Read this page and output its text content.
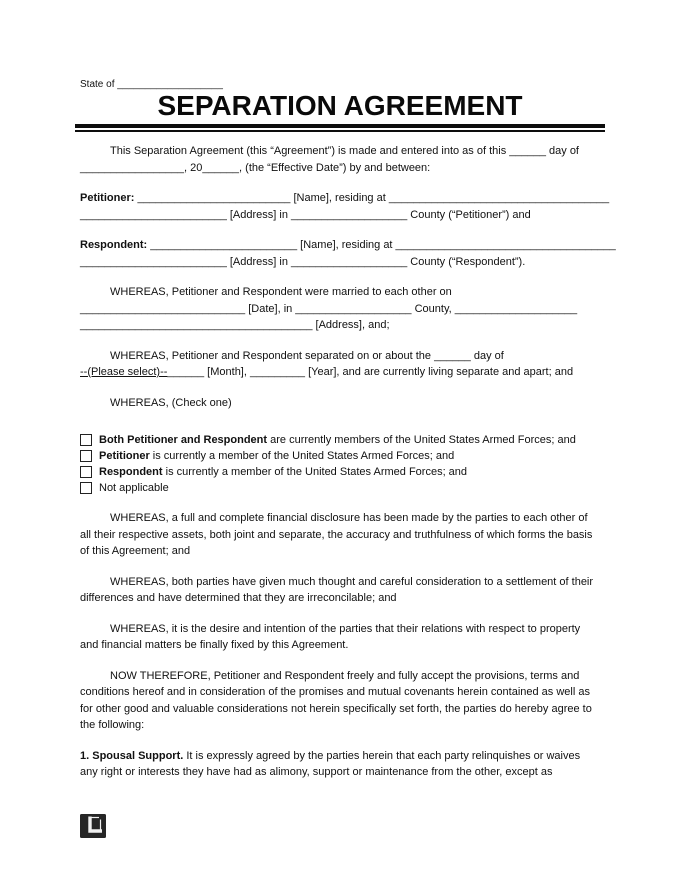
State of ___________________
SEPARATION AGREEMENT
This Separation Agreement (this “Agreement”) is made and entered into as of this ______ day of
_________________, 20______, (the “Effective Date”) by and between:
Petitioner: _________________________ [Name], residing at ____________________________________
________________________ [Address] in ___________________ County (“Petitioner”) and
Respondent: ________________________ [Name], residing at ____________________________________
________________________ [Address] in ___________________ County (“Respondent”).
WHEREAS, Petitioner and Respondent were married to each other on
___________________________ [Date], in ___________________ County, ____________________
______________________________________ [Address], and;
WHEREAS, Petitioner and Respondent separated on or about the ______ day of
--(Please select)--______ [Month], _________ [Year], and are currently living separate and apart; and
WHEREAS, (Check one)
Both Petitioner and Respondent are currently members of the United States Armed Forces; and
Petitioner is currently a member of the United States Armed Forces; and
Respondent is currently a member of the United States Armed Forces; and
Not applicable
WHEREAS, a full and complete financial disclosure has been made by the parties to each other of
all their respective assets, both joint and separate, the accuracy and truthfulness of which forms the basis
of this Agreement; and
WHEREAS, both parties have given much thought and careful consideration to a settlement of their
differences and have determined that they are irreconcilable; and
WHEREAS, it is the desire and intention of the parties that their relations with respect to property
and financial matters be finally fixed by this Agreement.
NOW THEREFORE, Petitioner and Respondent freely and fully accept the provisions, terms and
conditions hereof and in consideration of the promises and mutual covenants herein contained as well as
for other good and valuable considerations not herein specifically set forth, the parties do hereby agree to
the following:
1. Spousal Support. It is expressly agreed by the parties herein that each party relinquishes or waives
any right or interests they have had as alimony, support or maintenance from the other, except as
